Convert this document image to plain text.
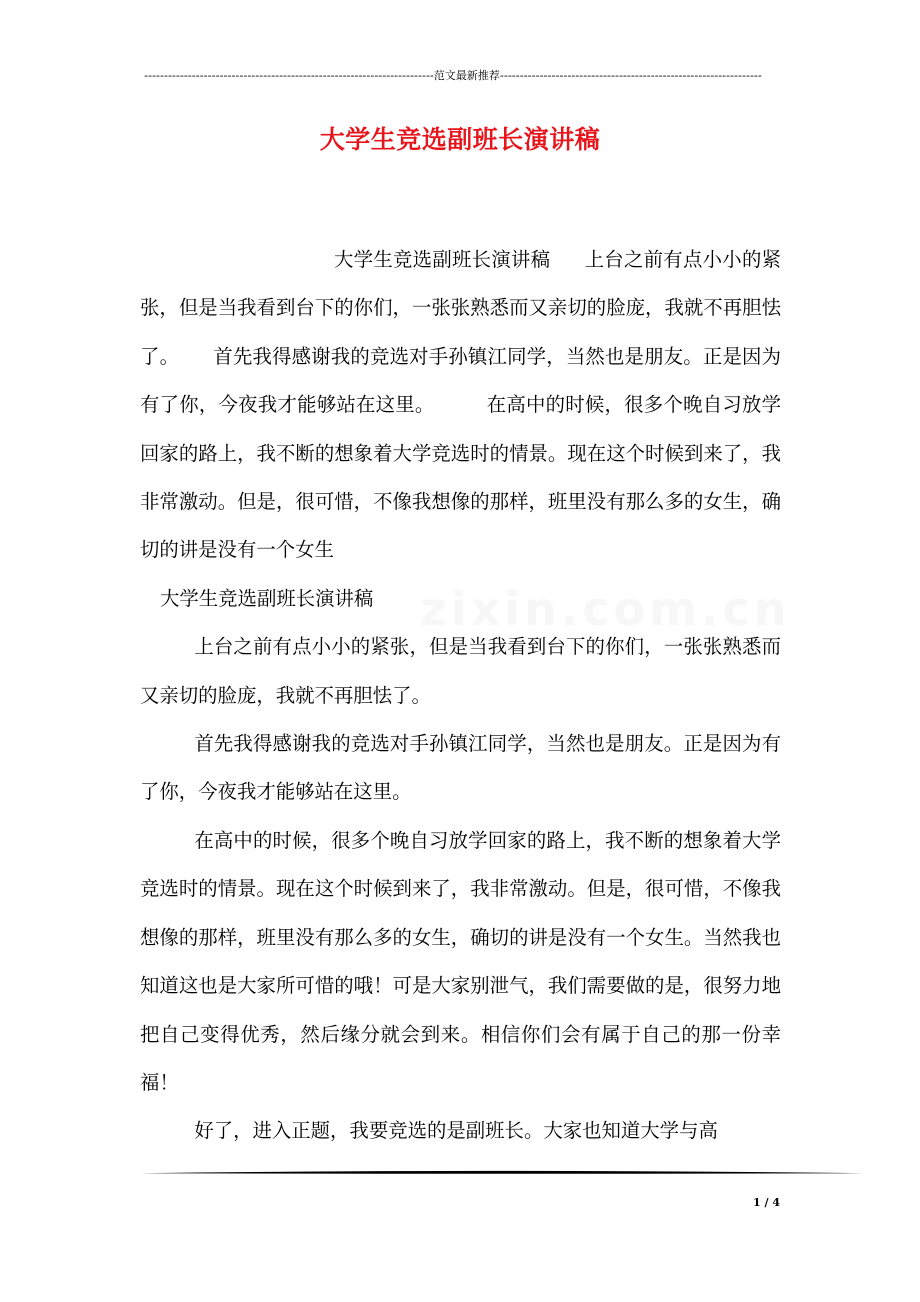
-------------------------------------------------------------------------范文最新推荐------------------------------------------------------------------
大学生竞选副班长演讲稿
zixin.com.cn

大学生竞选副班长演讲稿 上台之前有点小小的紧张，但是当我看到台下的你们，一张张熟悉而又亲切的脸庞，我就不再胆怯了。 首先我得感谢我的竞选对手孙镇江同学，当然也是朋友。正是因为有了你，今夜我才能够站在这里。	在高中的时候，很多个晚自习放学回家的路上，我不断的想象着大学竞选时的情景。现在这个时候到来了，我非常激动。但是，很可惜，不像我想像的那样，班里没有那么多的女生，确切的讲是没有一个女生

大学生竞选副班长演讲稿

上台之前有点小小的紧张，但是当我看到台下的你们，一张张熟悉而又亲切的脸庞，我就不再胆怯了。

首先我得感谢我的竞选对手孙镇江同学，当然也是朋友。正是因为有了你，今夜我才能够站在这里。

在高中的时候，很多个晚自习放学回家的路上，我不断的想象着大学竞选时的情景。现在这个时候到来了，我非常激动。但是，很可惜，不像我想像的那样，班里没有那么多的女生，确切的讲是没有一个女生。当然我也知道这也是大家所可惜的哦！可是大家别泄气，我们需要做的是，很努力地把自己变得优秀，然后缘分就会到来。相信你们会有属于自己的那一份幸福！

好了，进入正题，我要竞选的是副班长。大家也知道大学与高

1 / 4
